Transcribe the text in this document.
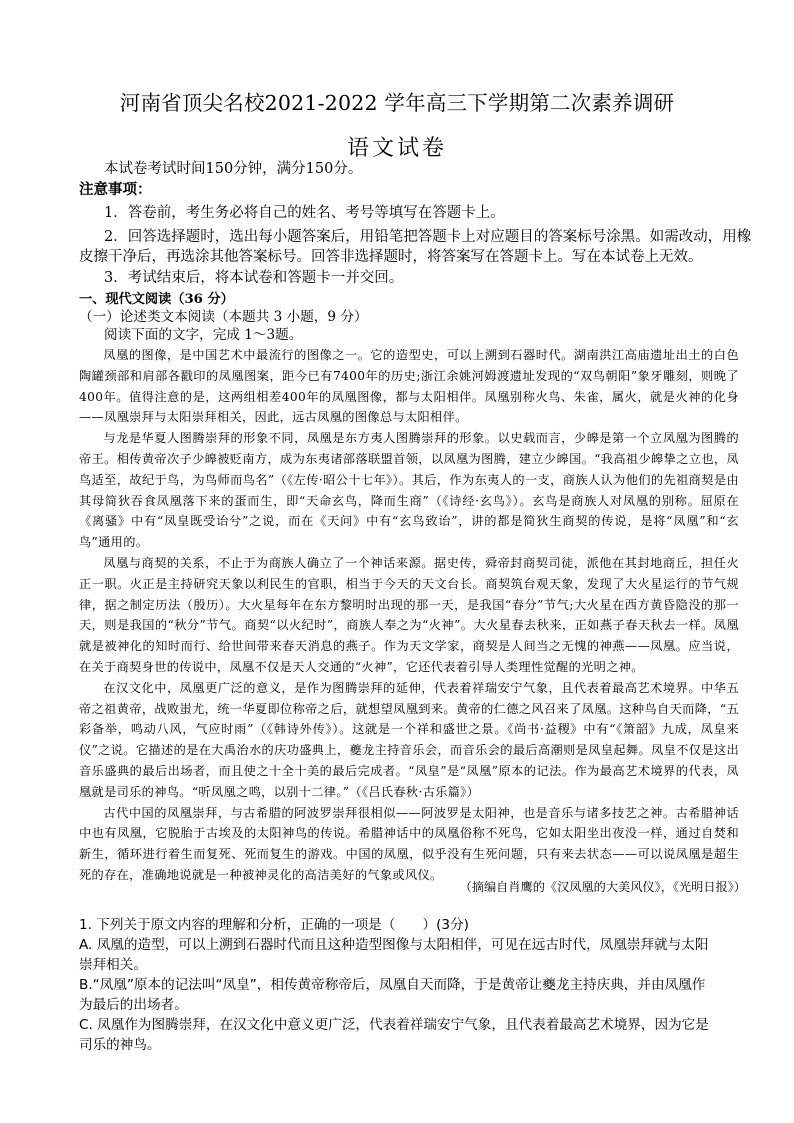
河南省顶尖名校2021-2022 学年高三下学期第二次素养调研
语文试卷
本试卷考试时间150分钟，满分150分。
注意事项：
1．答卷前，考生务必将自己的姓名、考号等填写在答题卡上。
2．回答选择题时，选出每小题答案后，用铅笔把答题卡上对应题目的答案标号涂黑。如需改动，用橡
皮擦干净后，再选涂其他答案标号。回答非选择题时，将答案写在答题卡上。写在本试卷上无效。
3．考试结束后，将本试卷和答题卡一并交回。
一、现代文阅读（36 分）
（一）论述类文本阅读（本题共 3 小题，9 分）
阅读下面的文字，完成 1～3题。

凤凰的图像，是中国艺术中最流行的图像之一。它的造型史，可以上溯到石器时代。湖南洪江高庙遗址出土的白色陶罐颈部和肩部各戳印的凤凰图案，距今已有7400年的历史;浙江余姚河姆渡遗址发现的“双鸟朝阳”象牙雕刻，则晚了400年。值得注意的是，这两组相差400年的凤凰图像，都与太阳相伴。凤凰别称火鸟、朱雀，属火，就是火神的化身——凤凰崇拜与太阳崇拜相关，因此，远古凤凰的图像总与太阳相伴。

与龙是华夏人图腾崇拜的形象不同，凤凰是东方夷人图腾崇拜的形象。以史载而言，少皞是第一个立凤凰为图腾的帝王。相传黄帝次子少皞被贬南方，成为东夷诸部落联盟首领，以凤凰为图腾，建立少皞国。“我高祖少皞挚之立也，凤鸟适至，故纪于鸟，为鸟师而鸟名”（《左传·昭公十七年》）。其后，作为东夷人的一支，商族人认为他们的先祖商契是由其母简狄吞食凤凰落下来的蛋而生，即“天命玄鸟，降而生商”（《诗经·玄鸟》）。玄鸟是商族人对凤凰的别称。屈原在《离骚》中有“凤皇既受诒兮”之说，而在《天问》中有“玄鸟致诒”，讲的都是简狄生商契的传说，是将“凤凰”和“玄鸟”通用的。

凤凰与商契的关系，不止于为商族人确立了一个神话来源。据史传，舜帝封商契司徒，派他在其封地商丘，担任火正一职。火正是主持研究天象以利民生的官职，相当于今天的天文台长。商契筑台观天象，发现了大火星运行的节气规律，据之制定历法（殷历）。大火星每年在东方黎明时出现的那一天，是我国“春分”节气;大火星在西方黄昏隐没的那一天，则是我国的“秋分”节气。商契“以火纪时”，商族人奉之为“火神”。大火星春去秋来，正如燕子春天秋去一样。凤凰就是被神化的知时而行、给世间带来春天消息的燕子。作为天文学家，商契是人间当之无愧的神燕——凤凰。应当说，在关于商契身世的传说中，凤凰不仅是天人交通的“火神”，它还代表着引导人类理性觉醒的光明之神。

在汉文化中，凤凰更广泛的意义，是作为图腾崇拜的延伸，代表着祥瑞安宁气象，且代表着最高艺术境界。中华五帝之祖黄帝，战败蚩尤，统一华夏即位称帝之后，就想望凤凰到来。黄帝的仁德之风召来了凤凰。这种鸟自天而降，“五彩备举，鸣动八风，气应时雨”（《韩诗外传》）。这就是一个祥和盛世之景。《尚书·益稷》中有“《箫韶》九成，凤皇来仪”之说。它描述的是在大禹治水的庆功盛典上，夔龙主持音乐会，而音乐会的最后高潮则是凤皇起舞。凤皇不仅是这出音乐盛典的最后出场者，而且使之十全十美的最后完成者。“凤皇”是“凤凰”原本的记法。作为最高艺术境界的代表，凤凰就是司乐的神鸟。“听凤凰之鸣，以别十二律。”（《吕氏春秋·古乐篇》）

古代中国的凤凰崇拜，与古希腊的阿波罗崇拜很相似——阿波罗是太阳神，也是音乐与诸多技艺之神。古希腊神话中也有凤凰，它脱胎于古埃及的太阳神鸟的传说。希腊神话中的凤凰俗称不死鸟，它如太阳坐出夜没一样，通过自焚和新生，循环进行着生而复死、死而复生的游戏。中国的凤凰，似乎没有生死问题，只有来去状态——可以说凤凰是超生死的存在，准确地说就是一种被神灵化的高洁美好的气象或风仪。

（摘编自肖鹰的《汉凤凰的大美风仪》，《光明日报》）
1. 下列关于原文内容的理解和分析，正确的一项是（　　）(3分)
A. 凤凰的造型，可以上溯到石器时代而且这种造型图像与太阳相伴，可见在远古时代，凤凰崇拜就与太阳
崇拜相关。
B.“凤凰”原本的记法叫“凤皇”，相传黄帝称帝后，凤凰自天而降，于是黄帝让夔龙主持庆典，并由凤凰作
为最后的出场者。
C. 凤凰作为图腾崇拜，在汉文化中意义更广泛，代表着祥瑞安宁气象，且代表着最高艺术境界，因为它是
司乐的神鸟。
